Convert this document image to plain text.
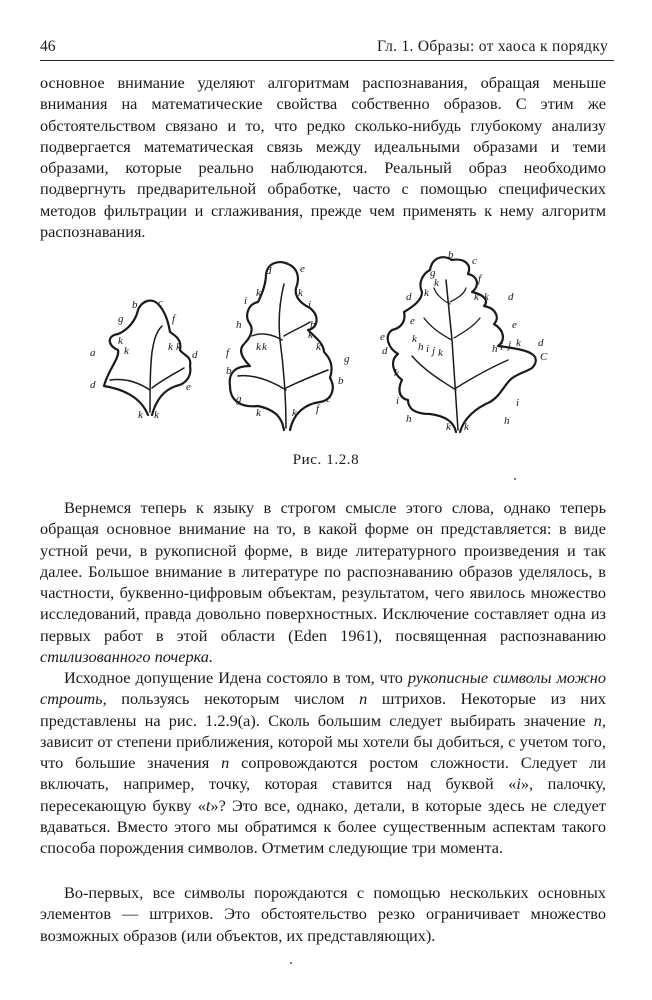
46	Гл. 1. Образы: от хаоса к порядку

основное внимание уделяют алгоритмам распознавания, обращая меньше внимания на математические свойства собственно образов. С этим же обстоятельством связано и то, что редко сколько-нибудь глубокому анализу подвергается математическая связь между идеальными образами и теми образами, которые реально наблюдаются. Реальный образ необходимо подвергнуть предварительной обработке, часто с помощью специфических методов фильтрации и сглаживания, прежде чем применять к нему алгоритм распознавания.

a
g
b c
f
k
k	k k
d
d	e
k k
d	e
k	k
i	i
h	h
k
k k	k
f	g
b
b
g
k	k f
c
b c
g	f
k
k	k
k
d	d
e	e
k
h i j k
e
d	h i j k
C
d
k
i	i
h
k k	h
Рис. 1.2.8

Вернемся теперь к языку в строгом смысле этого слова, однако теперь обращая основное внимание на то, в какой форме он представляется: в виде устной речи, в рукописной форме, в виде литературного произведения и так далее. Большое внимание в литературе по распознаванию образов уделялось, в частности, буквенно-цифровым объектам, результатом, чего явилось множество исследований, правда довольно поверхностных. Исключение составляет одна из первых работ в этой области (Eden 1961), посвященная распознаванию стилизованного почерка.

Исходное допущение Идена состояло в том, что рукописные символы можно строить, пользуясь некоторым числом n штрихов. Некоторые из них представлены на рис. 1.2.9(а). Сколь большим следует выбирать значение n, зависит от степени приближения, которой мы хотели бы добиться, с учетом того, что большие значения n сопровождаются ростом сложности. Следует ли включать, например, точку, которая ставится над буквой «i», палочку, пересекающую букву «t»? Это все, однако, детали, в которые здесь не следует вдаваться. Вместо этого мы обратимся к более существенным аспектам такого способа порождения символов. Отметим следующие три момента.

Во-первых, все символы порождаются с помощью нескольких основных элементов — штрихов. Это обстоятельство резко ограничивает множество возможных образов (или объектов, их представляющих).
